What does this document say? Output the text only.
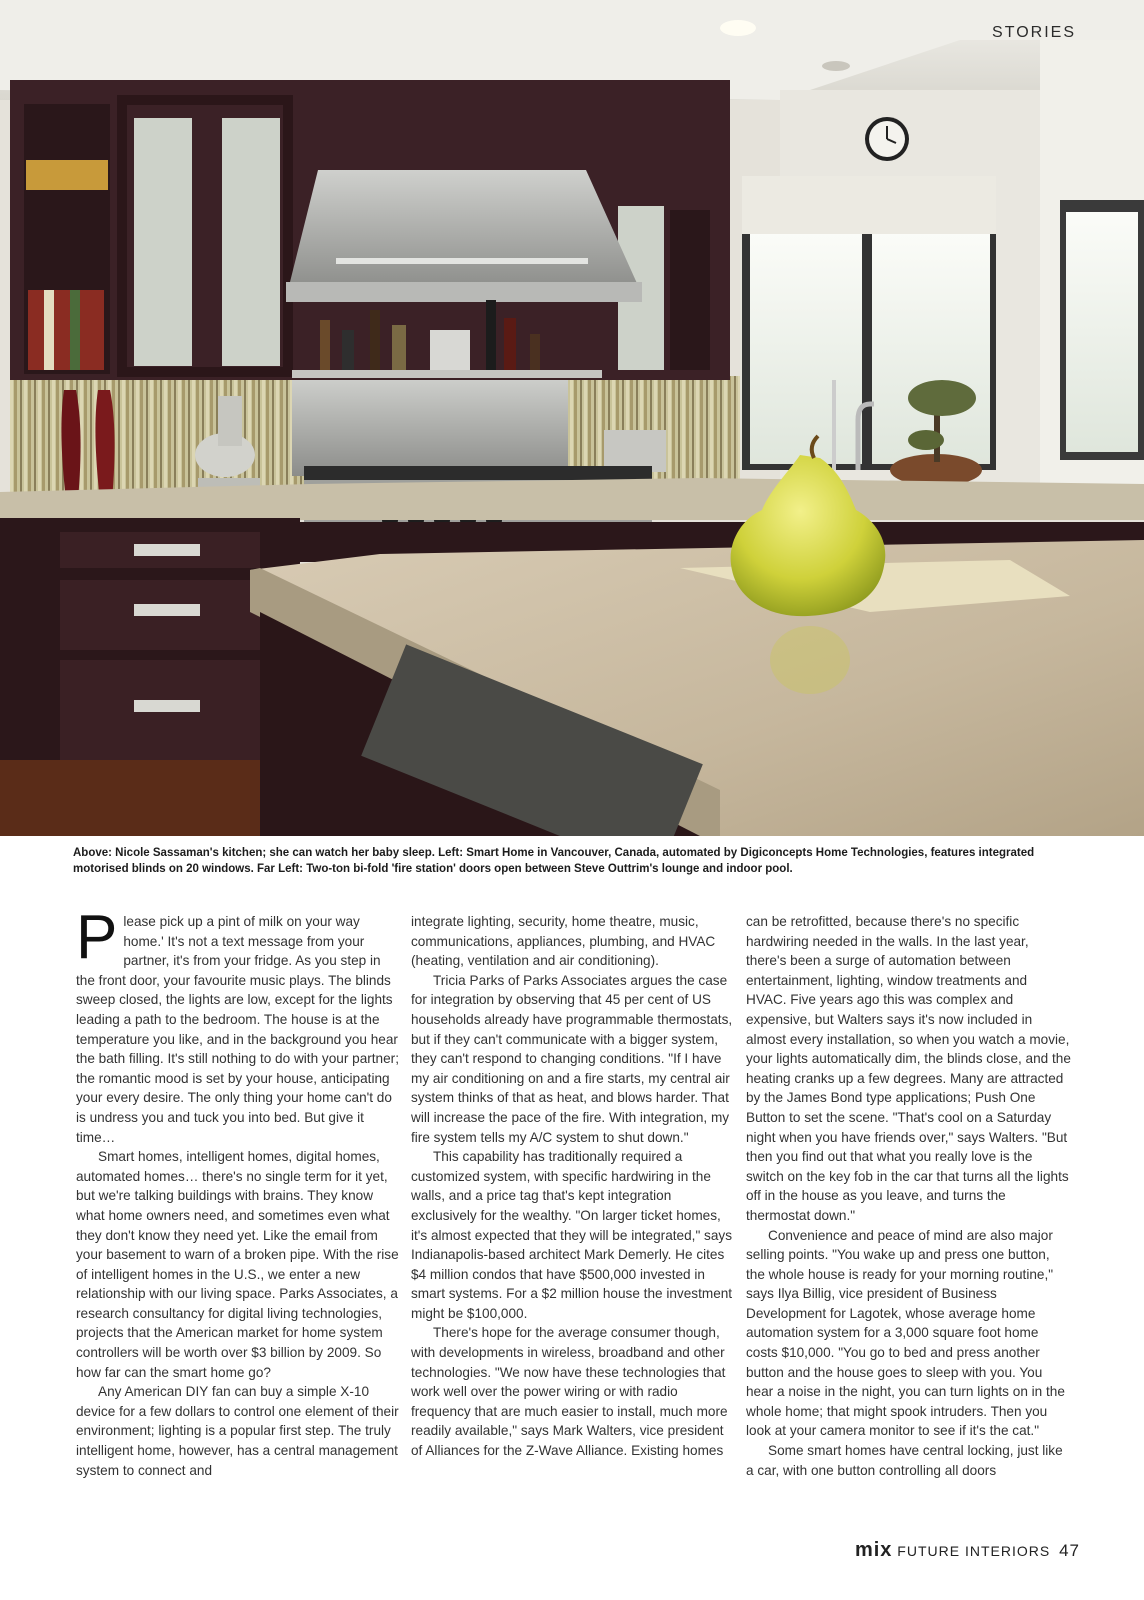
STORIES
Above: Nicole Sassaman's kitchen; she can watch her baby sleep. Left: Smart Home in Vancouver, Canada, automated by Digiconcepts Home Technologies, features integrated motorised blinds on 20 windows. Far Left: Two-ton bi-fold 'fire station' doors open between Steve Outtrim's lounge and indoor pool.

Please pick up a pint of milk on your way home.' It's not a text message from your partner, it's from your fridge. As you step in the front door, your favourite music plays. The blinds sweep closed, the lights are low, except for the lights leading a path to the bedroom. The house is at the temperature you like, and in the background you hear the bath filling. It's still nothing to do with your partner; the romantic mood is set by your house, anticipating your every desire. The only thing your home can't do is undress you and tuck you into bed. But give it time…

Smart homes, intelligent homes, digital homes, automated homes… there's no single term for it yet, but we're talking buildings with brains. They know what home owners need, and sometimes even what they don't know they need yet. Like the email from your basement to warn of a broken pipe. With the rise of intelligent homes in the U.S., we enter a new relationship with our living space. Parks Associates, a research consultancy for digital living technologies, projects that the American market for home system controllers will be worth over $3 billion by 2009. So how far can the smart home go?

Any American DIY fan can buy a simple X-10 device for a few dollars to control one element of their environment; lighting is a popular first step. The truly intelligent home, however, has a central management system to connect and

integrate lighting, security, home theatre, music, communications, appliances, plumbing, and HVAC (heating, ventilation and air conditioning).

Tricia Parks of Parks Associates argues the case for integration by observing that 45 per cent of US households already have programmable thermostats, but if they can't communicate with a bigger system, they can't respond to changing conditions. "If I have my air conditioning on and a fire starts, my central air system thinks of that as heat, and blows harder. That will increase the pace of the fire. With integration, my fire system tells my A/C system to shut down."

This capability has traditionally required a customized system, with specific hardwiring in the walls, and a price tag that's kept integration exclusively for the wealthy. "On larger ticket homes, it's almost expected that they will be integrated," says Indianapolis-based architect Mark Demerly. He cites $4 million condos that have $500,000 invested in smart systems. For a $2 million house the investment might be $100,000.

There's hope for the average consumer though, with developments in wireless, broadband and other technologies. "We now have these technologies that work well over the power wiring or with radio frequency that are much easier to install, much more readily available," says Mark Walters, vice president of Alliances for the Z-Wave Alliance. Existing homes

can be retrofitted, because there's no specific hardwiring needed in the walls. In the last year, there's been a surge of automation between entertainment, lighting, window treatments and HVAC. Five years ago this was complex and expensive, but Walters says it's now included in almost every installation, so when you watch a movie, your lights automatically dim, the blinds close, and the heating cranks up a few degrees. Many are attracted by the James Bond type applications; Push One Button to set the scene. "That's cool on a Saturday night when you have friends over," says Walters. "But then you find out that what you really love is the switch on the key fob in the car that turns all the lights off in the house as you leave, and turns the thermostat down."

Convenience and peace of mind are also major selling points. "You wake up and press one button, the whole house is ready for your morning routine," says Ilya Billig, vice president of Business Development for Lagotek, whose average home automation system for a 3,000 square foot home costs $10,000. "You go to bed and press another button and the house goes to sleep with you. You hear a noise in the night, you can turn lights on in the whole home; that might spook intruders. Then you look at your camera monitor to see if it's the cat."

Some smart homes have central locking, just like a car, with one button controlling all doors

mix FUTURE INTERIORS 47
